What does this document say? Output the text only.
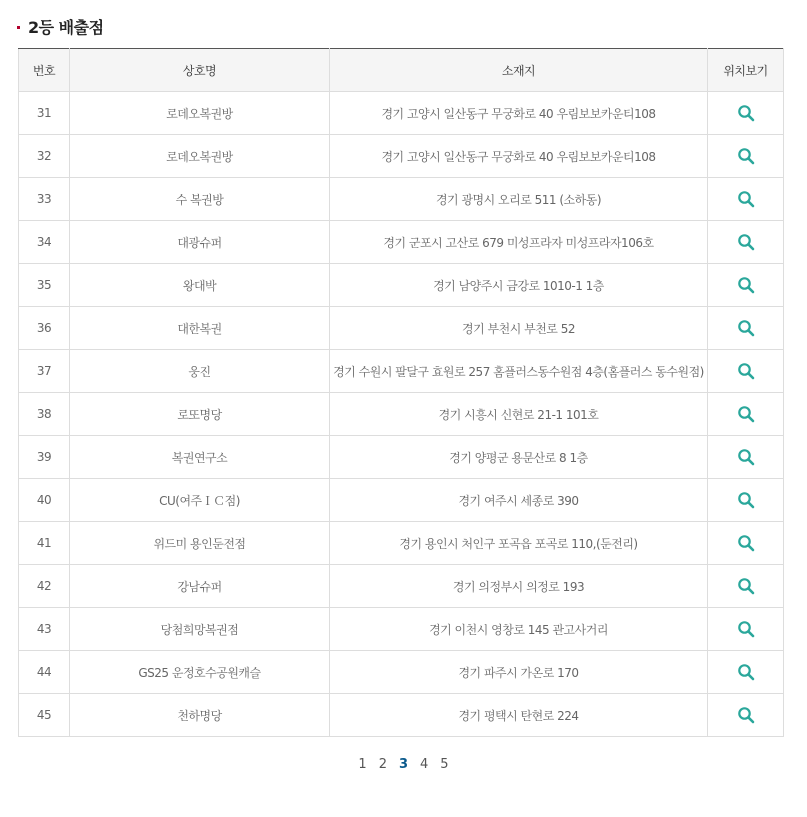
2등 배출점
번호	상호명	소재지	위치보기
31	로데오복권방	경기 고양시 일산동구 무궁화로 40 우림보보카운티108	

32	로데오복권방	경기 고양시 일산동구 무궁화로 40 우림보보카운티108	

33	수 복권방	경기 광명시 오리로 511 (소하동)	

34	대광슈퍼	경기 군포시 고산로 679 미성프라자 미성프라자106호	

35	왕대박	경기 남양주시 금강로 1010-1 1층	

36	대한복권	경기 부천시 부천로 52	

37	웅진	경기 수원시 팔달구 효원로 257 홈플러스동수원점 4층(홈플러스 동수원점)	

38	로또명당	경기 시흥시 신현로 21-1 101호	

39	복권연구소	경기 양평군 용문산로 8 1층	

40	CU(여주ＩＣ점)	경기 여주시 세종로 390	

41	위드미 용인둔전점	경기 용인시 처인구 포곡읍 포곡로 110,(둔전리)	

42	강남슈퍼	경기 의정부시 의정로 193	

43	당첨희망복권점	경기 이천시 영창로 145 관고사거리	

44	GS25 운정호수공원캐슬	경기 파주시 가온로 170	

45	천하명당	경기 평택시 탄현로 224	
1 2 3 4 5
